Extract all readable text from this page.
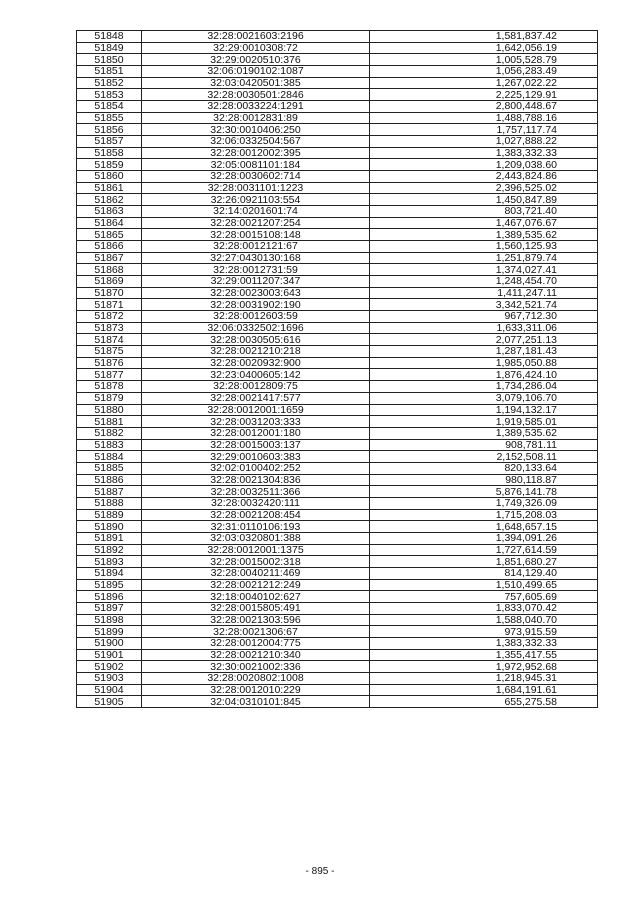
51848	32:28:0021603:2196	1,581,837.42
51849	32:29:0010308:72	1,642,056.19
51850	32:29:0020510:376	1,005,528.79
51851	32:06:0190102:1087	1,056,283.49
51852	32:03:0420501:385	1,267,022.22
51853	32:28:0030501:2846	2,225,129.91
51854	32:28:0033224:1291	2,800,448.67
51855	32:28:0012831:89	1,488,788.16
51856	32:30:0010406:250	1,757,117.74
51857	32:06:0332504:567	1,027,888.22
51858	32:28:0012002:395	1,383,332.33
51859	32:05:0081101:184	1,209,038.60
51860	32:28:0030602:714	2,443,824.86
51861	32:28:0031101:1223	2,396,525.02
51862	32:26:0921103:554	1,450,847.89
51863	32:14:0201601:74	803,721.40
51864	32:28:0021207:254	1,467,076.67
51865	32:28:0015108:148	1,389,535.62
51866	32:28:0012121:67	1,560,125.93
51867	32:27:0430130:168	1,251,879.74
51868	32:28:0012731:59	1,374,027.41
51869	32:29:0011207:347	1,248,454.70
51870	32:28:0023003:643	1,411,247.11
51871	32:28:0031902:190	3,342,521.74
51872	32:28:0012603:59	967,712.30
51873	32:06:0332502:1696	1,633,311.06
51874	32:28:0030505:616	2,077,251.13
51875	32:28:0021210:218	1,287,181.43
51876	32:28:0020932:900	1,985,050.88
51877	32:23:0400605:142	1,876,424.10
51878	32:28:0012809:75	1,734,286.04
51879	32:28:0021417:577	3,079,106.70
51880	32:28:0012001:1659	1,194,132.17
51881	32:28:0031203:333	1,919,585.01
51882	32:28:0012001:180	1,389,535.62
51883	32:28:0015003:137	908,781.11
51884	32:29:0010603:383	2,152,508.11
51885	32:02:0100402:252	820,133.64
51886	32:28:0021304:836	980,118.87
51887	32:28:0032511:366	5,876,141.78
51888	32:28:0032420:111	1,749,326.09
51889	32:28:0021208:454	1,715,208.03
51890	32:31:0110106:193	1,648,657.15
51891	32:03:0320801:388	1,394,091.26
51892	32:28:0012001:1375	1,727,614.59
51893	32:28:0015002:318	1,851,680.27
51894	32:28:0040211:469	814,129.40
51895	32:28:0021212:249	1,510,499.65
51896	32:18:0040102:627	757,605.69
51897	32:28:0015805:491	1,833,070.42
51898	32:28:0021303:596	1,588,040.70
51899	32:28:0021306:67	973,915.59
51900	32:28:0012004:775	1,383,332.33
51901	32:28:0021210:340	1,355,417.55
51902	32:30:0021002:336	1,972,952.68
51903	32:28:0020802:1008	1,218,945.31
51904	32:28:0012010:229	1,684,191.61
51905	32:04:0310101:845	655,275.58
- 895 -
